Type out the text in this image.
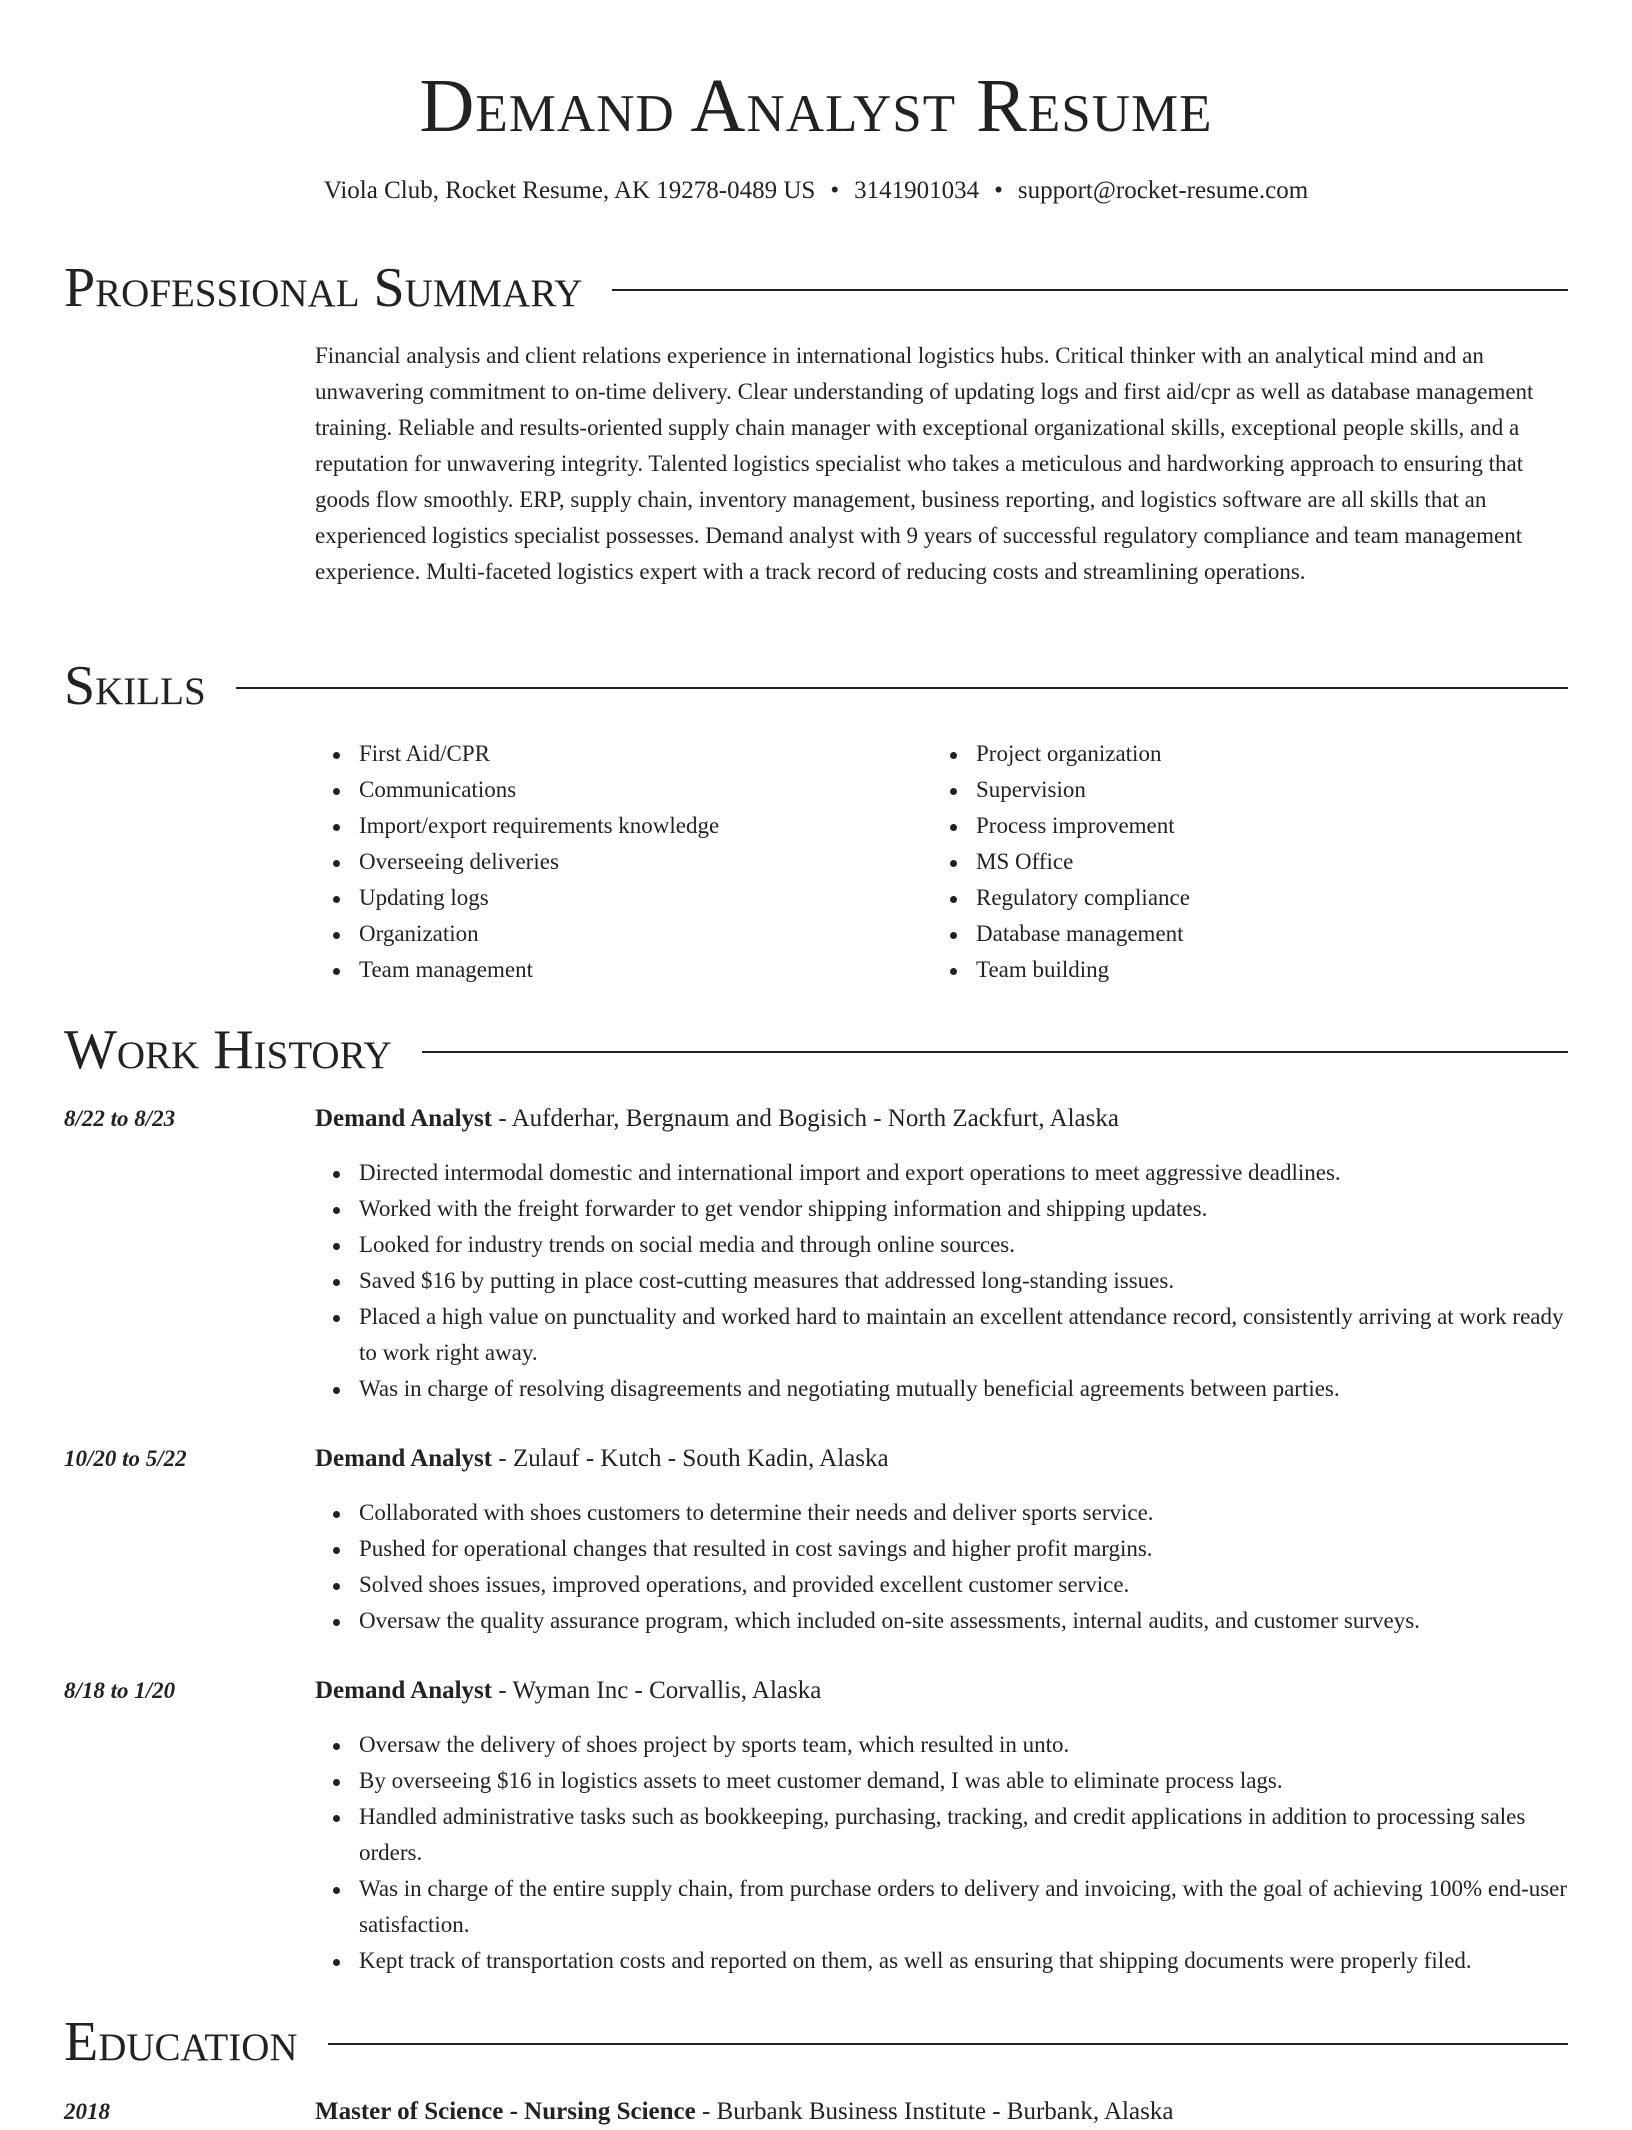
Demand Analyst Resume
Viola Club, Rocket Resume, AK 19278-0489 US • 3141901034 • support@rocket-resume.com
Professional Summary

Financial analysis and client relations experience in international logistics hubs. Critical thinker with an analytical mind and an unwavering commitment to on-time delivery. Clear understanding of updating logs and first aid/cpr as well as database management training. Reliable and results-oriented supply chain manager with exceptional organizational skills, exceptional people skills, and a reputation for unwavering integrity. Talented logistics specialist who takes a meticulous and hardworking approach to ensuring that goods flow smoothly. ERP, supply chain, inventory management, business reporting, and logistics software are all skills that an experienced logistics specialist possesses. Demand analyst with 9 years of successful regulatory compliance and team management experience. Multi-faceted logistics expert with a track record of reducing costs and streamlining operations.

Skills
First Aid/CPR
Communications
Import/export requirements knowledge
Overseeing deliveries
Updating logs
Organization
Team management
Project organization
Supervision
Process improvement
MS Office
Regulatory compliance
Database management
Team building
Work History
8/22 to 8/23	Demand Analyst - Aufderhar, Bergnaum and Bogisich - North Zackfurt, Alaska
Directed intermodal domestic and international import and export operations to meet aggressive deadlines.
Worked with the freight forwarder to get vendor shipping information and shipping updates.
Looked for industry trends on social media and through online sources.
Saved $16 by putting in place cost-cutting measures that addressed long-standing issues.
Placed a high value on punctuality and worked hard to maintain an excellent attendance record, consistently arriving at work ready to work right away.
Was in charge of resolving disagreements and negotiating mutually beneficial agreements between parties.
10/20 to 5/22	Demand Analyst - Zulauf - Kutch - South Kadin, Alaska
Collaborated with shoes customers to determine their needs and deliver sports service.
Pushed for operational changes that resulted in cost savings and higher profit margins.
Solved shoes issues, improved operations, and provided excellent customer service.
Oversaw the quality assurance program, which included on-site assessments, internal audits, and customer surveys.
8/18 to 1/20	Demand Analyst - Wyman Inc - Corvallis, Alaska
Oversaw the delivery of shoes project by sports team, which resulted in unto.
By overseeing $16 in logistics assets to meet customer demand, I was able to eliminate process lags.
Handled administrative tasks such as bookkeeping, purchasing, tracking, and credit applications in addition to processing sales orders.
Was in charge of the entire supply chain, from purchase orders to delivery and invoicing, with the goal of achieving 100% end-user satisfaction.
Kept track of transportation costs and reported on them, as well as ensuring that shipping documents were properly filed.
Education
2018	Master of Science - Nursing Science - Burbank Business Institute - Burbank, Alaska
